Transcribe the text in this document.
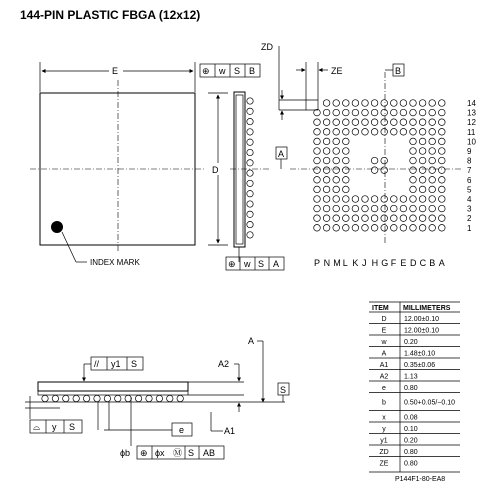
144-PIN PLASTIC FBGA (12x12)
E	⊕ w S B
INDEX MARK
D
⊕ w S A
B
A
ZD
ZE
14
13
12
11
10
9
8
7
6
5
4
3
2
1
P N M L K J H G F E D C B A
// y1 S
⌓ y S	e
ϕb ⊕ ϕx Ⓜ S AB
A
A2
A1
S
ITEM MILLIMETERS
D 12.00±0.10
E	12.00±0.10
w 0.20
A	1.48±0.10
A1 0.35±0.06
A2 1.13
e	0.80
b	0.50+0.05/−0.10
x	0.08
y	0.10
y1 0.20
ZD 0.80
ZE 0.80
P144F1-80-EA8
